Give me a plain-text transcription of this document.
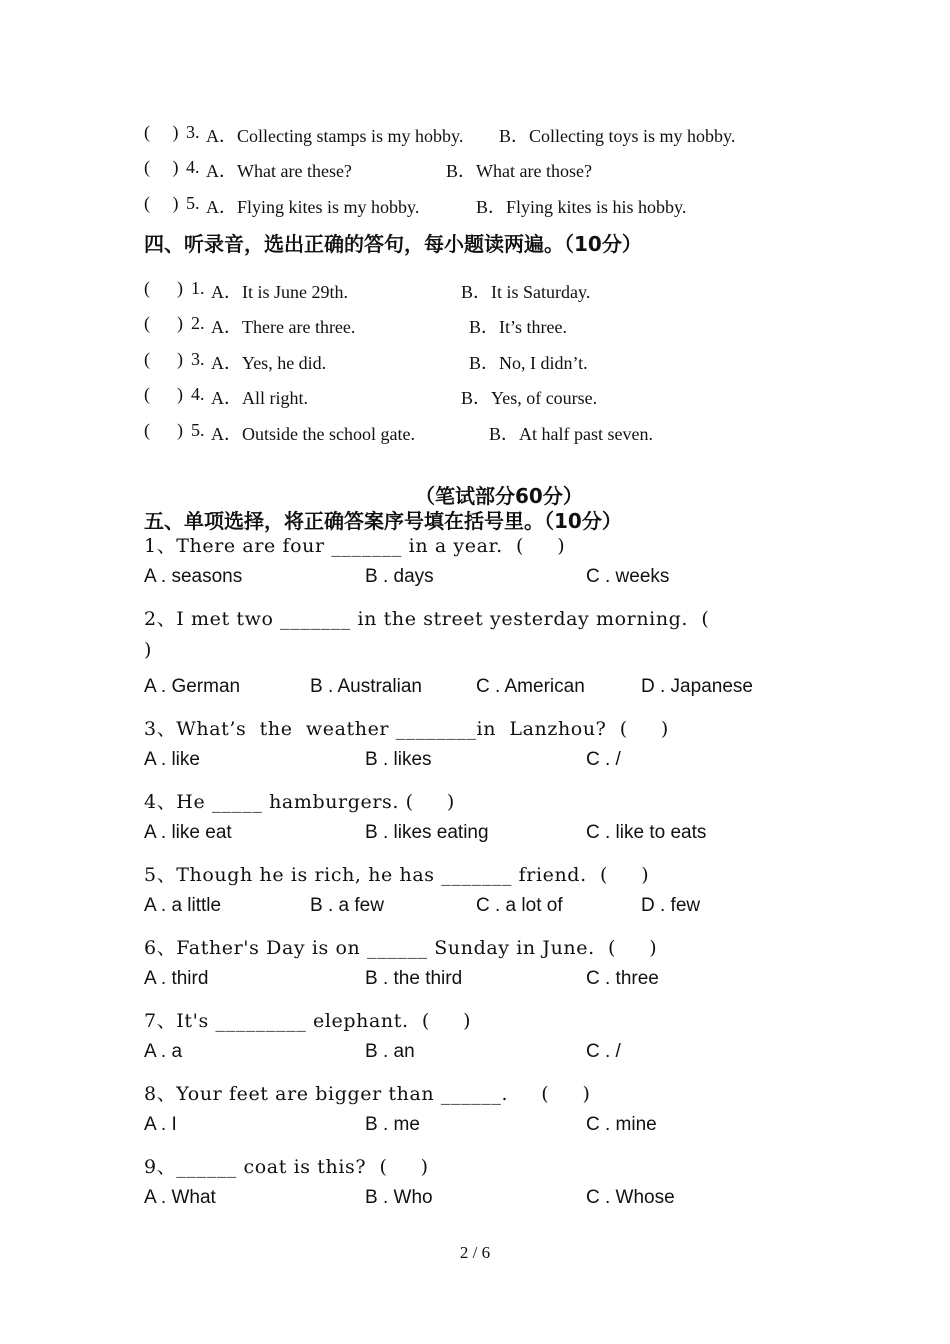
(     ) 3. A．Collecting stamps is my hobby. B．Collecting toys is my hobby.
(     ) 4. A．What are these?	B．What are those?
(     ) 5. A．Flying kites is my hobby.	B．Flying kites is his hobby.
四、听录音，选出正确的答句，每小题读两遍。（10分）
(      ) 1. A．It is June 29th.	B．It is Saturday.
(      ) 2. A．There are three.	B．It’s three.
(      ) 3. A．Yes, he did.	B．No, I didn’t.
(      ) 4. A．All right.	B．Yes, of course.
(      ) 5. A．Outside the school gate.	B．At half past seven.
（笔试部分60分）
五、单项选择，将正确答案序号填在括号里。（10分）
1、There are four _______ in a year.  (     )
A . seasons	B . days	C . weeks
2、I met two _______ in the street yesterday morning.  (
)
A . German	B . Australian	C . American	D . Japanese
3、What’s  the  weather ________in  Lanzhou?  (     )
A . like	B . likes	C . /
4、He _____ hamburgers. (     )
A . like eat	B . likes eating	C . like to eats
5、Though he is rich, he has _______ friend.  (     )
A . a little	B . a few	C . a lot of	D . few
6、Father's Day is on ______ Sunday in June.  (     )
A . third	B . the third	C . three
7、It's _________ elephant.  (     )
A . a	B . an	C . /
8、Your feet are bigger than ______.     (     )
A . I	B . me	C . mine
9、______ coat is this?  (     )
A . What	B . Who	C . Whose
2 / 6
